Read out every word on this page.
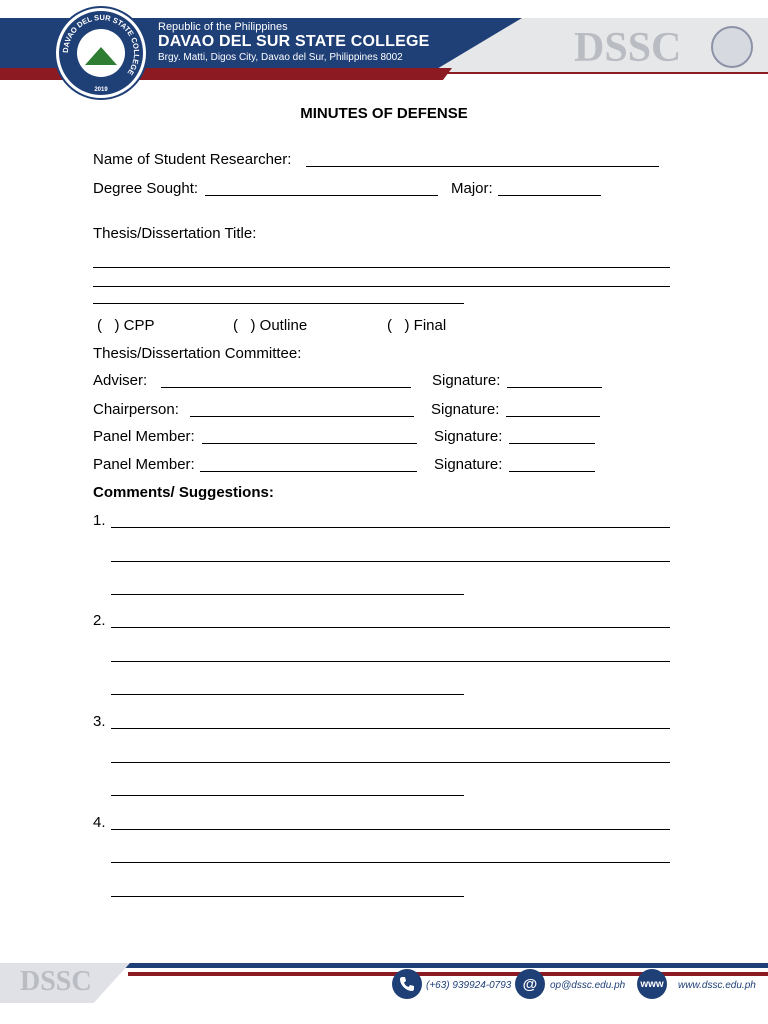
DAVAO DEL SUR STATE COLLEGE
2019
Republic of the Philippines
DAVAO DEL SUR STATE COLLEGE
Brgy. Matti, Digos City, Davao del Sur, Philippines 8002	DSSC
MINUTES OF DEFENSE
Name of Student Researcher:
Degree Sought:	Major:
Thesis/Dissertation Title:
(   ) CPP	(   ) Outline	(   ) Final
Thesis/Dissertation Committee:
Adviser:	Signature:
Chairperson:	Signature:
Panel Member:	Signature:
Panel Member:	Signature:
Comments/ Suggestions:
1.
2.
3.
4.
DSSC	(+63) 939924-0793 @	op@dssc.edu.ph	www	www.dssc.edu.ph
